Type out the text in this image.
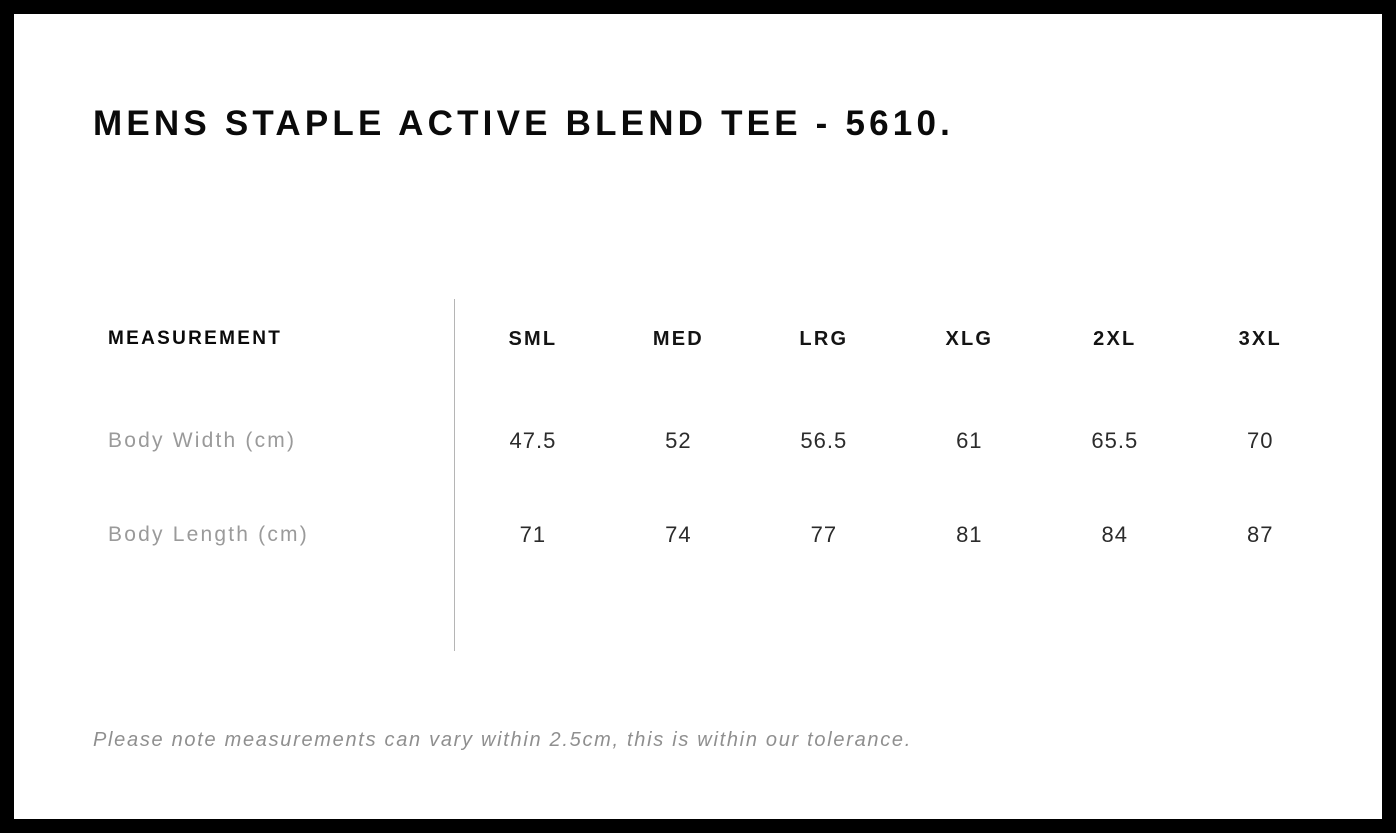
MENS STAPLE ACTIVE BLEND TEE - 5610.
MEASUREMENT	SML	MED	LRG	XLG	2XL	3XL
Body Width (cm)	47.5	52	56.5	61	65.5	70
Body Length (cm)	71	74	77	81	84	87
Please note measurements can vary within 2.5cm, this is within our tolerance.
